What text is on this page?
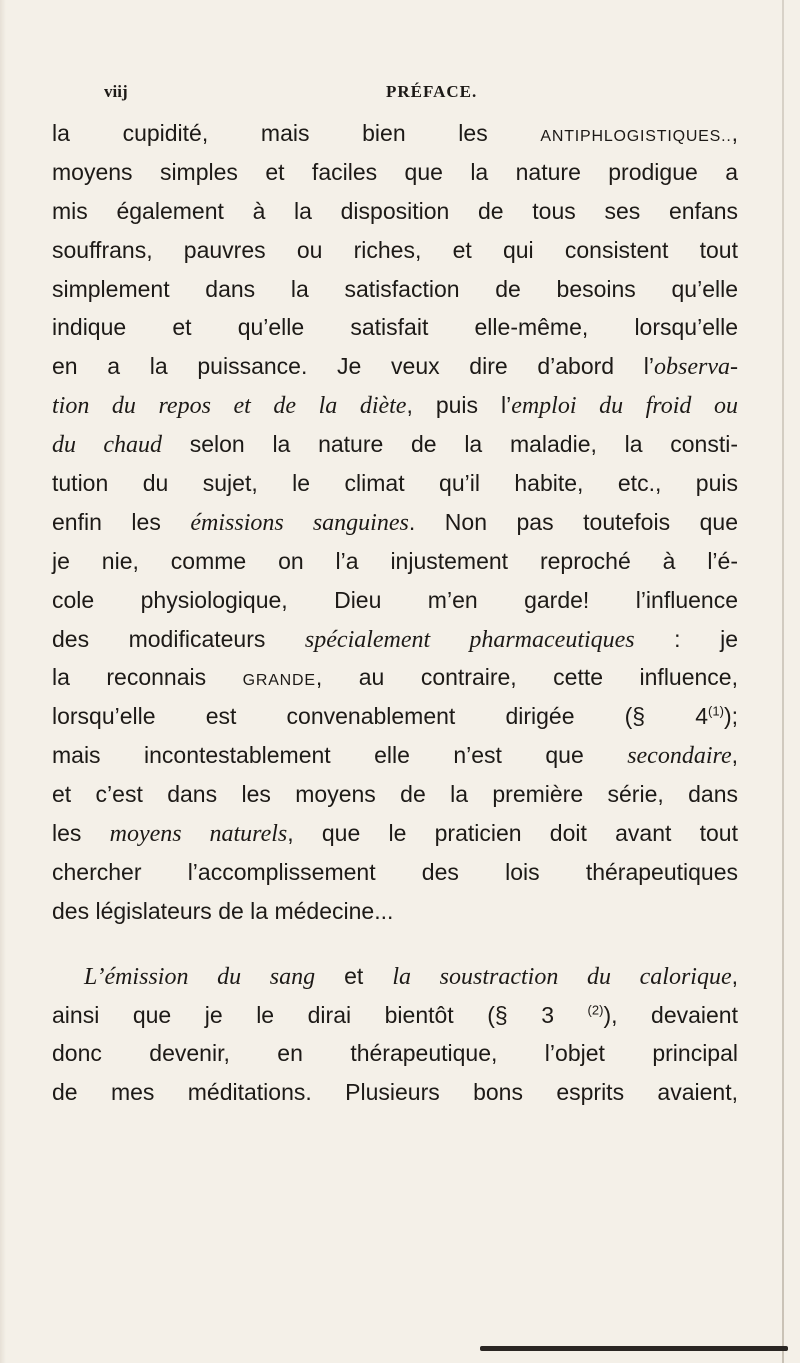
viij	PRÉFACE.
la cupidité, mais bien les ANTIPHLOGISTIQUES..,
moyens simples et faciles que la nature prodigue a
mis également à la disposition de tous ses enfans
souffrans, pauvres ou riches, et qui consistent tout
simplement dans la satisfaction de besoins qu’elle
indique et qu’elle satisfait elle-même, lorsqu’elle
en a la puissance. Je veux dire d’abord l’observa-
tion du repos et de la diète, puis l’emploi du froid ou
du chaud selon la nature de la maladie, la consti-
tution du sujet, le climat qu’il habite, etc., puis
enfin les émissions sanguines. Non pas toutefois que
je nie, comme on l’a injustement reproché à l’é-
cole physiologique, Dieu m’en garde! l’influence
des modificateurs spécialement pharmaceutiques : je
la reconnais GRANDE, au contraire, cette influence,
lorsqu’elle est convenablement dirigée (§ 4$^{(1)}$);
mais incontestablement elle n’est que secondaire,
et c’est dans les moyens de la première série, dans
les moyens naturels, que le praticien doit avant tout
chercher l’accomplissement des lois thérapeutiques
des législateurs de la médecine...
L’émission du sang et la soustraction du calorique,
ainsi que je le dirai bientôt (§ 3 $^{(2)}$), devaient
donc devenir, en thérapeutique, l’objet principal
de mes méditations. Plusieurs bons esprits avaient,
